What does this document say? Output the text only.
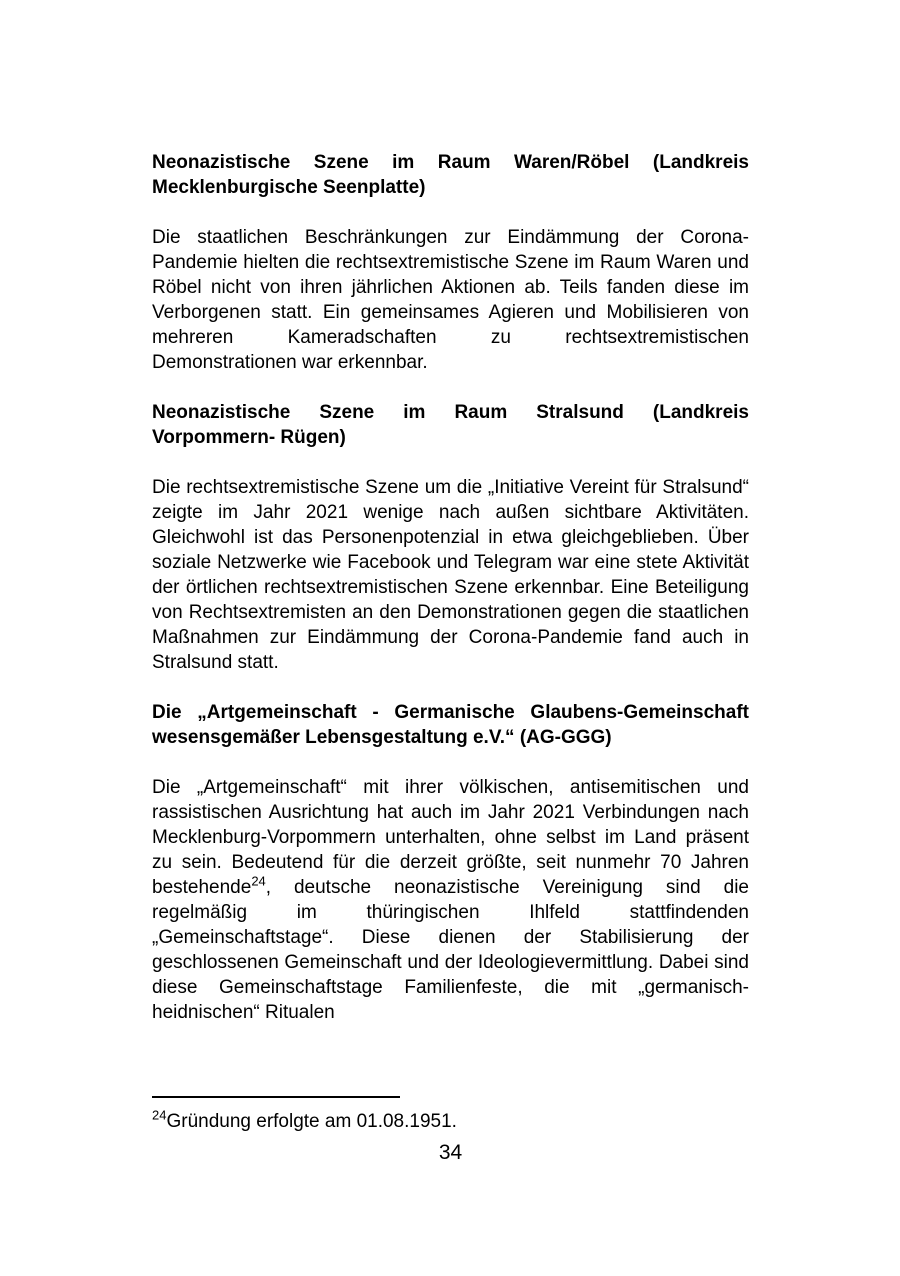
Neonazistische Szene im Raum Waren/Röbel (Landkreis Mecklenburgische Seenplatte)

Die staatlichen Beschränkungen zur Eindämmung der Corona-Pandemie hielten die rechtsextremistische Szene im Raum Waren und Röbel nicht von ihren jährlichen Aktionen ab. Teils fanden diese im Verborgenen statt. Ein gemeinsames Agieren und Mobilisieren von mehreren Kameradschaften zu rechtsextremistischen Demonstrationen war erkennbar.

Neonazistische Szene im Raum Stralsund (Landkreis Vorpommern- Rügen)

Die rechtsextremistische Szene um die „Initiative Vereint für Stralsund“ zeigte im Jahr 2021 wenige nach außen sichtbare Aktivitäten. Gleichwohl ist das Personenpotenzial in etwa gleichgeblieben. Über soziale Netzwerke wie Facebook und Telegram war eine stete Aktivität der örtlichen rechtsextremistischen Szene erkennbar. Eine Beteiligung von Rechtsextremisten an den Demonstrationen gegen die staatlichen Maßnahmen zur Eindämmung der Corona-Pandemie fand auch in Stralsund statt.

Die „Artgemeinschaft - Germanische Glaubens-Gemeinschaft wesensgemäßer Lebensgestaltung e.V.“ (AG-GGG)

Die „Artgemeinschaft“ mit ihrer völkischen, antisemitischen und rassistischen Ausrichtung hat auch im Jahr 2021 Verbindungen nach Mecklenburg-Vorpommern unterhalten, ohne selbst im Land präsent zu sein. Bedeutend für die derzeit größte, seit nunmehr 70 Jahren bestehende$^{24}$, deutsche neonazistische Vereinigung sind die regelmäßig im thüringischen Ihlfeld stattfindenden „Gemeinschaftstage“. Diese dienen der Stabilisierung der geschlossenen Gemeinschaft und der Ideologievermittlung. Dabei sind diese Gemeinschaftstage Familienfeste, die mit „germanisch-heidnischen“ Ritualen

$^{24}$Gründung erfolgte am 01.08.1951.

34
